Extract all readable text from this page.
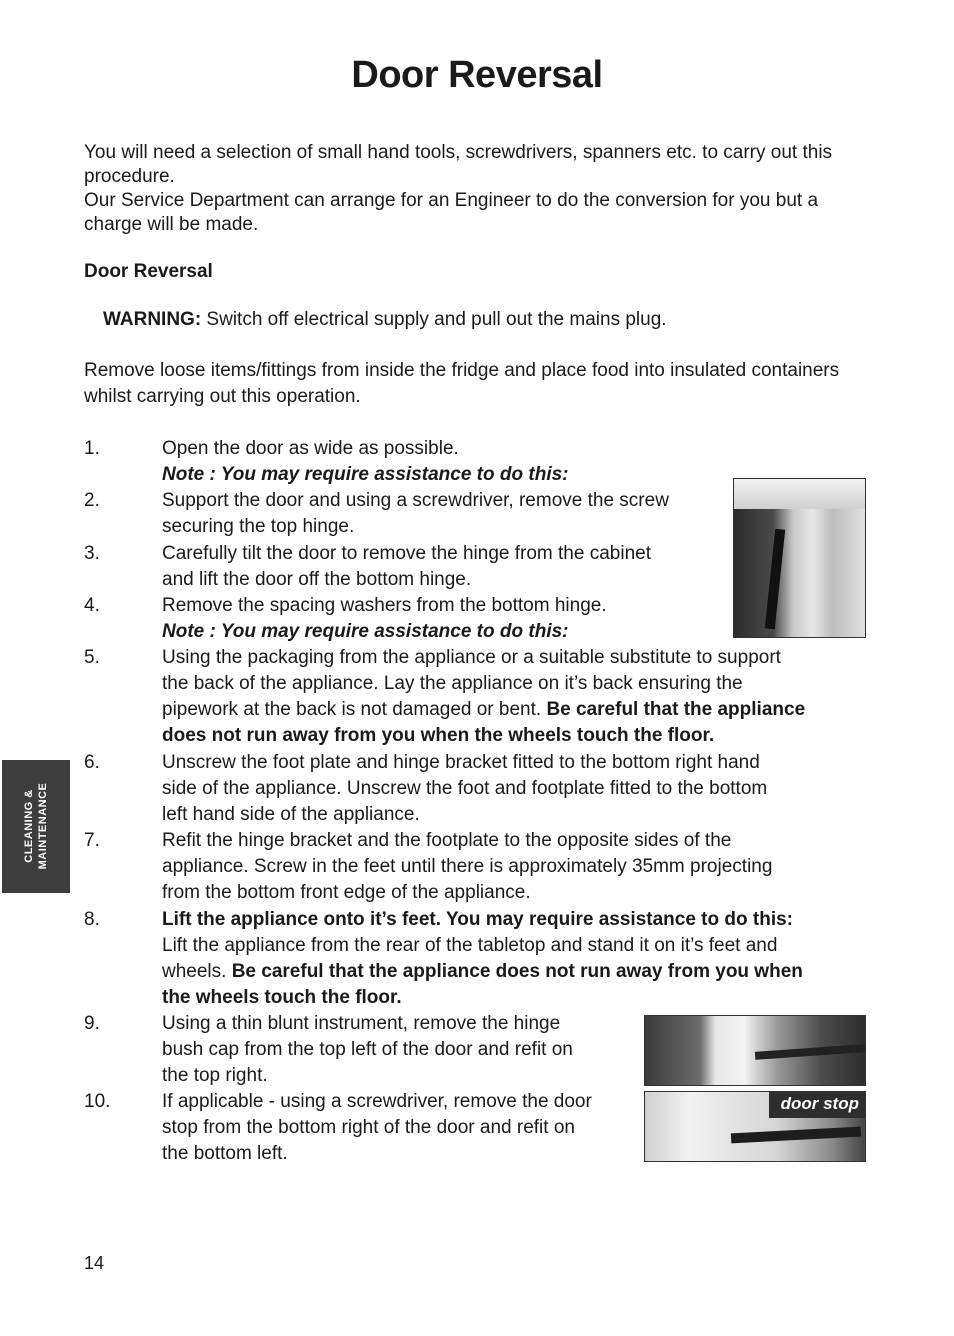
Door Reversal

You will need a selection of small hand tools, screwdrivers, spanners etc. to carry out this procedure.
Our Service Department can arrange for an Engineer to do the conversion for you but a charge will be made.

Door Reversal

WARNING: Switch off electrical supply and pull out the mains plug.

Remove loose items/fittings from inside the fridge and place food into insulated containers whilst carrying out this operation.

1.	Open the door as wide as possible.
Note : You may require assistance to do this:
2.	Support the door and using a screwdriver, remove the screw
securing the top hinge.
3.	Carefully tilt the door to remove the hinge from the cabinet
and lift the door off the bottom hinge.
4.	Remove the spacing washers from the bottom hinge.
Note : You may require assistance to do this:
5.	Using the packaging from the appliance or a suitable substitute to support
the back of the appliance. Lay the appliance on it’s back ensuring the
pipework at the back is not damaged or bent. Be careful that the appliance
does not run away from you when the wheels touch the floor.
6.	Unscrew the foot plate and hinge bracket fitted to the bottom right hand
side of the appliance. Unscrew the foot and footplate fitted to the bottom
left hand side of the appliance.
7.	Refit the hinge bracket and the footplate to the opposite sides of the
appliance. Screw in the feet until there is approximately 35mm projecting
from the bottom front edge of the appliance.
8.	Lift the appliance onto it’s feet. You may require assistance to do this:
Lift the appliance from the rear of the tabletop and stand it on it’s feet and
wheels. Be careful that the appliance does not run away from you when
the wheels touch the floor.
9.	Using a thin blunt instrument, remove the hinge
bush cap from the top left of the door and refit on
the top right.
10.	If applicable - using a screwdriver, remove the door
stop from the bottom right of the door and refit on
the bottom left.
door stop
CLEANING & MAINTENANCE

14
